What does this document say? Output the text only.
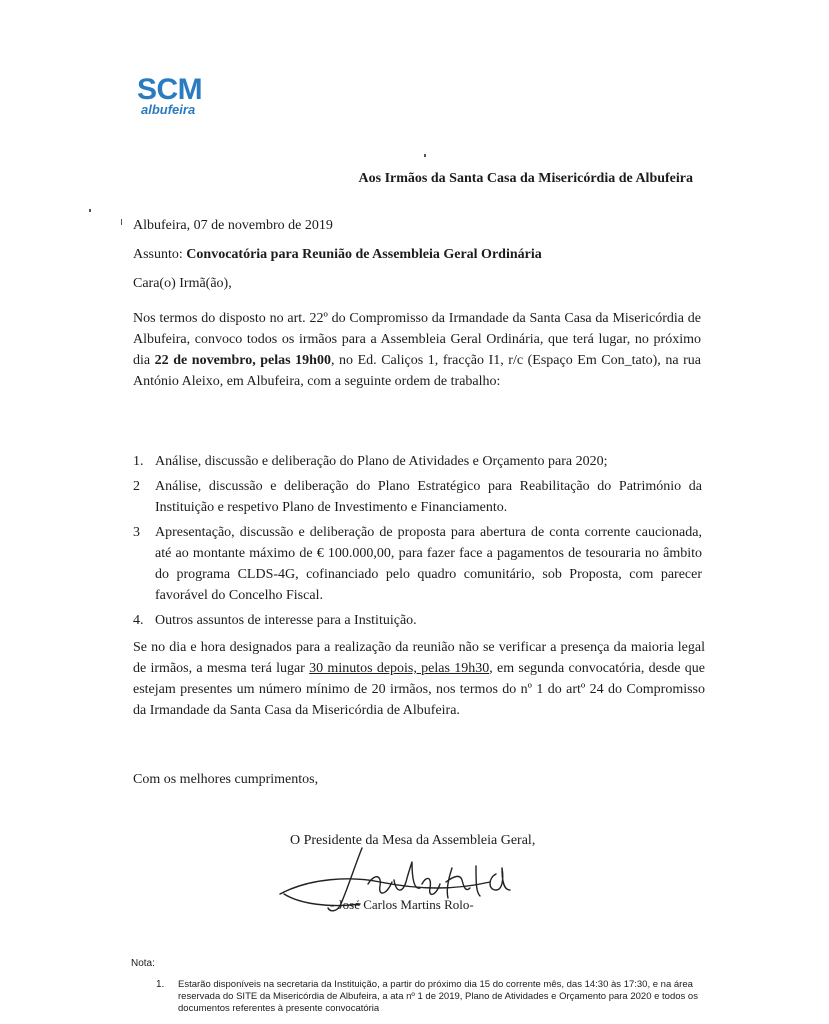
SCM
albufeira
Aos Irmãos da Santa Casa da Misericórdia de Albufeira
Albufeira, 07 de novembro de 2019
Assunto: Convocatória para Reunião de Assembleia Geral Ordinária
Cara(o) Irmã(ão),
Nos termos do disposto no art. 22º do Compromisso da Irmandade da Santa Casa da Misericórdia de Albufeira, convoco todos os irmãos para a Assembleia Geral Ordinária, que terá lugar, no próximo dia 22 de novembro, pelas 19h00, no Ed. Caliços 1, fracção I1, r/c (Espaço Em Con_tato), na rua António Aleixo, em Albufeira, com a seguinte ordem de trabalho:
1. Análise, discussão e deliberação do Plano de Atividades e Orçamento para 2020;
2 Análise, discussão e deliberação do Plano Estratégico para Reabilitação do Património da Instituição e respetivo Plano de Investimento e Financiamento.
3 Apresentação, discussão e deliberação de proposta para abertura de conta corrente caucionada, até ao montante máximo de € 100.000,00, para fazer face a pagamentos de tesouraria no âmbito do programa CLDS-4G, cofinanciado pelo quadro comunitário, sob Proposta, com parecer favorável do Concelho Fiscal.
4. Outros assuntos de interesse para a Instituição.
Se no dia e hora designados para a realização da reunião não se verificar a presença da maioria legal de irmãos, a mesma terá lugar 30 minutos depois, pelas 19h30, em segunda convocatória, desde que estejam presentes um número mínimo de 20 irmãos, nos termos do nº 1 do artº 24 do Compromisso da Irmandade da Santa Casa da Misericórdia de Albufeira.
Com os melhores cumprimentos,
O Presidente da Mesa da Assembleia Geral,
- José Carlos Martins Rolo-
Nota:
1. Estarão disponíveis na secretaria da Instituição, a partir do próximo dia 15 do corrente mês, das 14:30 às 17:30, e na área reservada do SITE da Misericórdia de Albufeira, a ata nº 1 de 2019, Plano de Atividades e Orçamento para 2020 e todos os documentos referentes à presente convocatória
